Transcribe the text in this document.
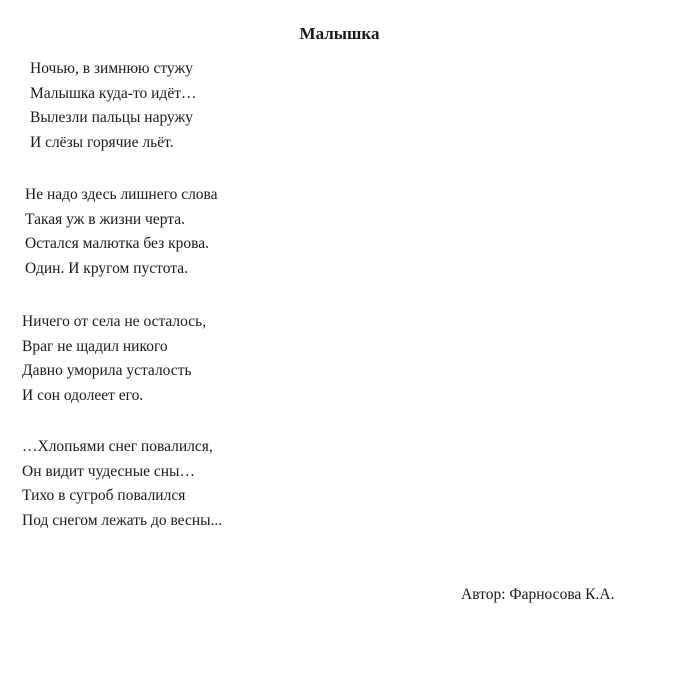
Малышка
Ночью, в зимнюю стужу
Малышка куда-то идёт…
Вылезли пальцы наружу
И слёзы горячие льёт.
Не надо здесь лишнего слова
Такая уж в жизни черта.
Остался малютка без крова.
Один. И кругом пустота.
Ничего от села не осталось,
Враг не щадил никого
Давно уморила усталость
И сон одолеет его.
…Хлопьями снег повалился,
Он видит чудесные сны…
Тихо в сугроб повалился
Под снегом лежать до весны...
Автор: Фарносова К.А.
